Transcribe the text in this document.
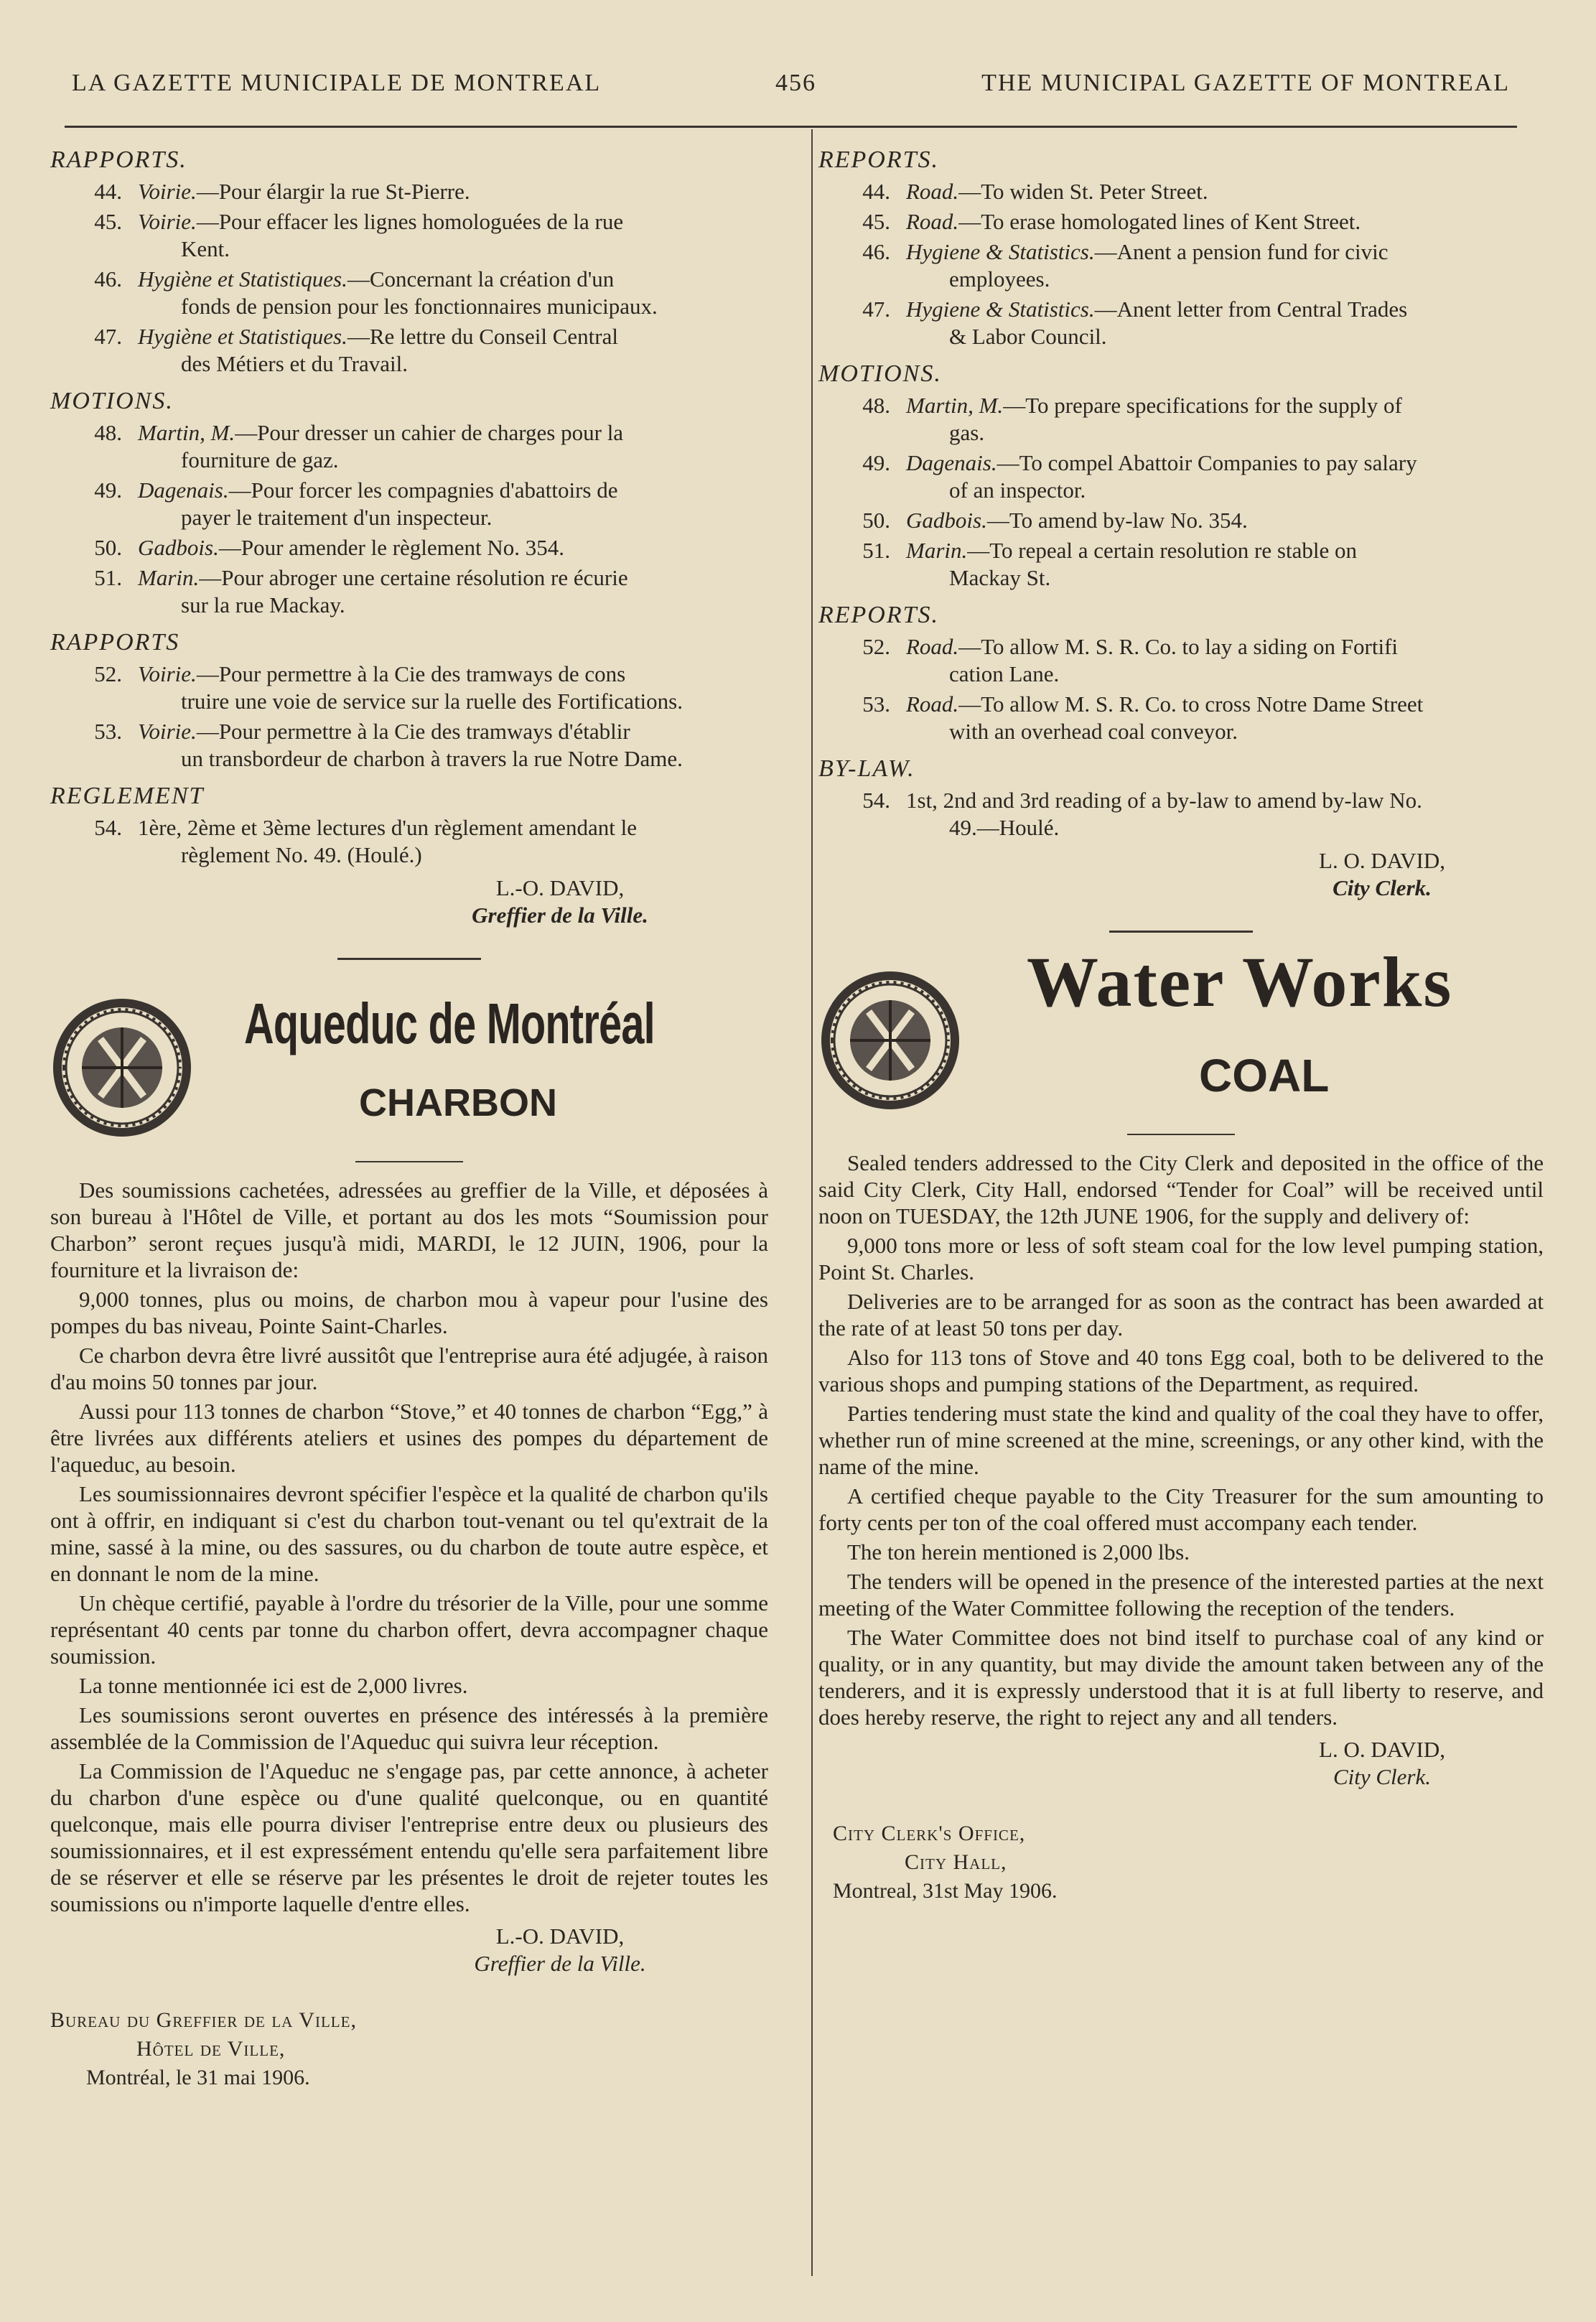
LA GAZETTE MUNICIPALE DE MONTREAL	456	THE MUNICIPAL GAZETTE OF MONTREAL
RAPPORTS.
44. Voirie.—Pour élargir la rue St-Pierre.
45. Voirie.—Pour effacer les lignes homologuées de la rue
Kent.
46. Hygiène et Statistiques.—Concernant la création d'un
fonds de pension pour les fonctionnaires municipaux.
47. Hygiène et Statistiques.—Re lettre du Conseil Central
des Métiers et du Travail.
MOTIONS.
48. Martin, M.—Pour dresser un cahier de charges pour la
fourniture de gaz.
49. Dagenais.—Pour forcer les compagnies d'abattoirs de
payer le traitement d'un inspecteur.
50. Gadbois.—Pour amender le règlement No. 354.
51. Marin.—Pour abroger une certaine résolution re écurie
sur la rue Mackay.
RAPPORTS
52. Voirie.—Pour permettre à la Cie des tramways de cons
truire une voie de service sur la ruelle des Fortifications.
53. Voirie.—Pour permettre à la Cie des tramways d'établir
un transbordeur de charbon à travers la rue Notre Dame.
REGLEMENT
54. 1ère, 2ème et 3ème lectures d'un règlement amendant le
règlement No. 49. (Houlé.)
L.-O. DAVID,
Greffier de la Ville.
Aqueduc de Montréal
CHARBON

Des soumissions cachetées, adressées au greffier de la Ville, et déposées à son bureau à l'Hôtel de Ville, et portant au dos les mots “Soumission pour Charbon” seront reçues jusqu'à midi, MARDI, le 12 JUIN, 1906, pour la fourniture et la livraison de:

9,000 tonnes, plus ou moins, de charbon mou à vapeur pour l'usine des pompes du bas niveau, Pointe Saint-Charles.

Ce charbon devra être livré aussitôt que l'entreprise aura été adjugée, à raison d'au moins 50 tonnes par jour.

Aussi pour 113 tonnes de charbon “Stove,” et 40 tonnes de charbon “Egg,” à être livrées aux différents ateliers et usines des pompes du département de l'aqueduc, au besoin.

Les soumissionnaires devront spécifier l'espèce et la qualité de charbon qu'ils ont à offrir, en indiquant si c'est du charbon tout-venant ou tel qu'extrait de la mine, sassé à la mine, ou des sassures, ou du charbon de toute autre espèce, et en donnant le nom de la mine.

Un chèque certifié, payable à l'ordre du trésorier de la Ville, pour une somme représentant 40 cents par tonne du charbon offert, devra accompagner chaque soumission.

La tonne mentionnée ici est de 2,000 livres.

Les soumissions seront ouvertes en présence des intéressés à la première assemblée de la Commission de l'Aqueduc qui suivra leur réception.

La Commission de l'Aqueduc ne s'engage pas, par cette annonce, à acheter du charbon d'une espèce ou d'une qualité quelconque, ou en quantité quelconque, mais elle pourra diviser l'entreprise entre deux ou plusieurs des soumissionnaires, et il est expressément entendu qu'elle sera parfaitement libre de se réserver et elle se réserve par les présentes le droit de rejeter toutes les soumissions ou n'importe laquelle d'entre elles.

L.-O. DAVID,
Greffier de la Ville.
Bureau du Greffier de la Ville,
Hôtel de Ville,
Montréal, le 31 mai 1906.
REPORTS.
44. Road.—To widen St. Peter Street.
45. Road.—To erase homologated lines of Kent Street.
46. Hygiene & Statistics.—Anent a pension fund for civic
employees.
47. Hygiene & Statistics.—Anent letter from Central Trades
& Labor Council.
MOTIONS.
48. Martin, M.—To prepare specifications for the supply of
gas.
49. Dagenais.—To compel Abattoir Companies to pay salary
of an inspector.
50. Gadbois.—To amend by-law No. 354.
51. Marin.—To repeal a certain resolution re stable on
Mackay St.
REPORTS.
52. Road.—To allow M. S. R. Co. to lay a siding on Fortifi
cation Lane.
53. Road.—To allow M. S. R. Co. to cross Notre Dame Street
with an overhead coal conveyor.
BY-LAW.
54. 1st, 2nd and 3rd reading of a by-law to amend by-law No.
49.—Houlé.
L. O. DAVID,
City Clerk.
Water Works
COAL

Sealed tenders addressed to the City Clerk and deposited in the office of the said City Clerk, City Hall, endorsed “Tender for Coal” will be received until noon on TUESDAY, the 12th JUNE 1906, for the supply and delivery of:

9,000 tons more or less of soft steam coal for the low level pumping station, Point St. Charles.

Deliveries are to be arranged for as soon as the contract has been awarded at the rate of at least 50 tons per day.

Also for 113 tons of Stove and 40 tons Egg coal, both to be delivered to the various shops and pumping stations of the Department, as required.

Parties tendering must state the kind and quality of the coal they have to offer, whether run of mine screened at the mine, screenings, or any other kind, with the name of the mine.

A certified cheque payable to the City Treasurer for the sum amounting to forty cents per ton of the coal offered must accompany each tender.

The ton herein mentioned is 2,000 lbs.

The tenders will be opened in the presence of the interested parties at the next meeting of the Water Committee following the reception of the tenders.

The Water Committee does not bind itself to purchase coal of any kind or quality, or in any quantity, but may divide the amount taken between any of the tenderers, and it is expressly understood that it is at full liberty to reserve, and does hereby reserve, the right to reject any and all tenders.

L. O. DAVID,
City Clerk.
City Clerk's Office,
City Hall,
Montreal, 31st May 1906.
